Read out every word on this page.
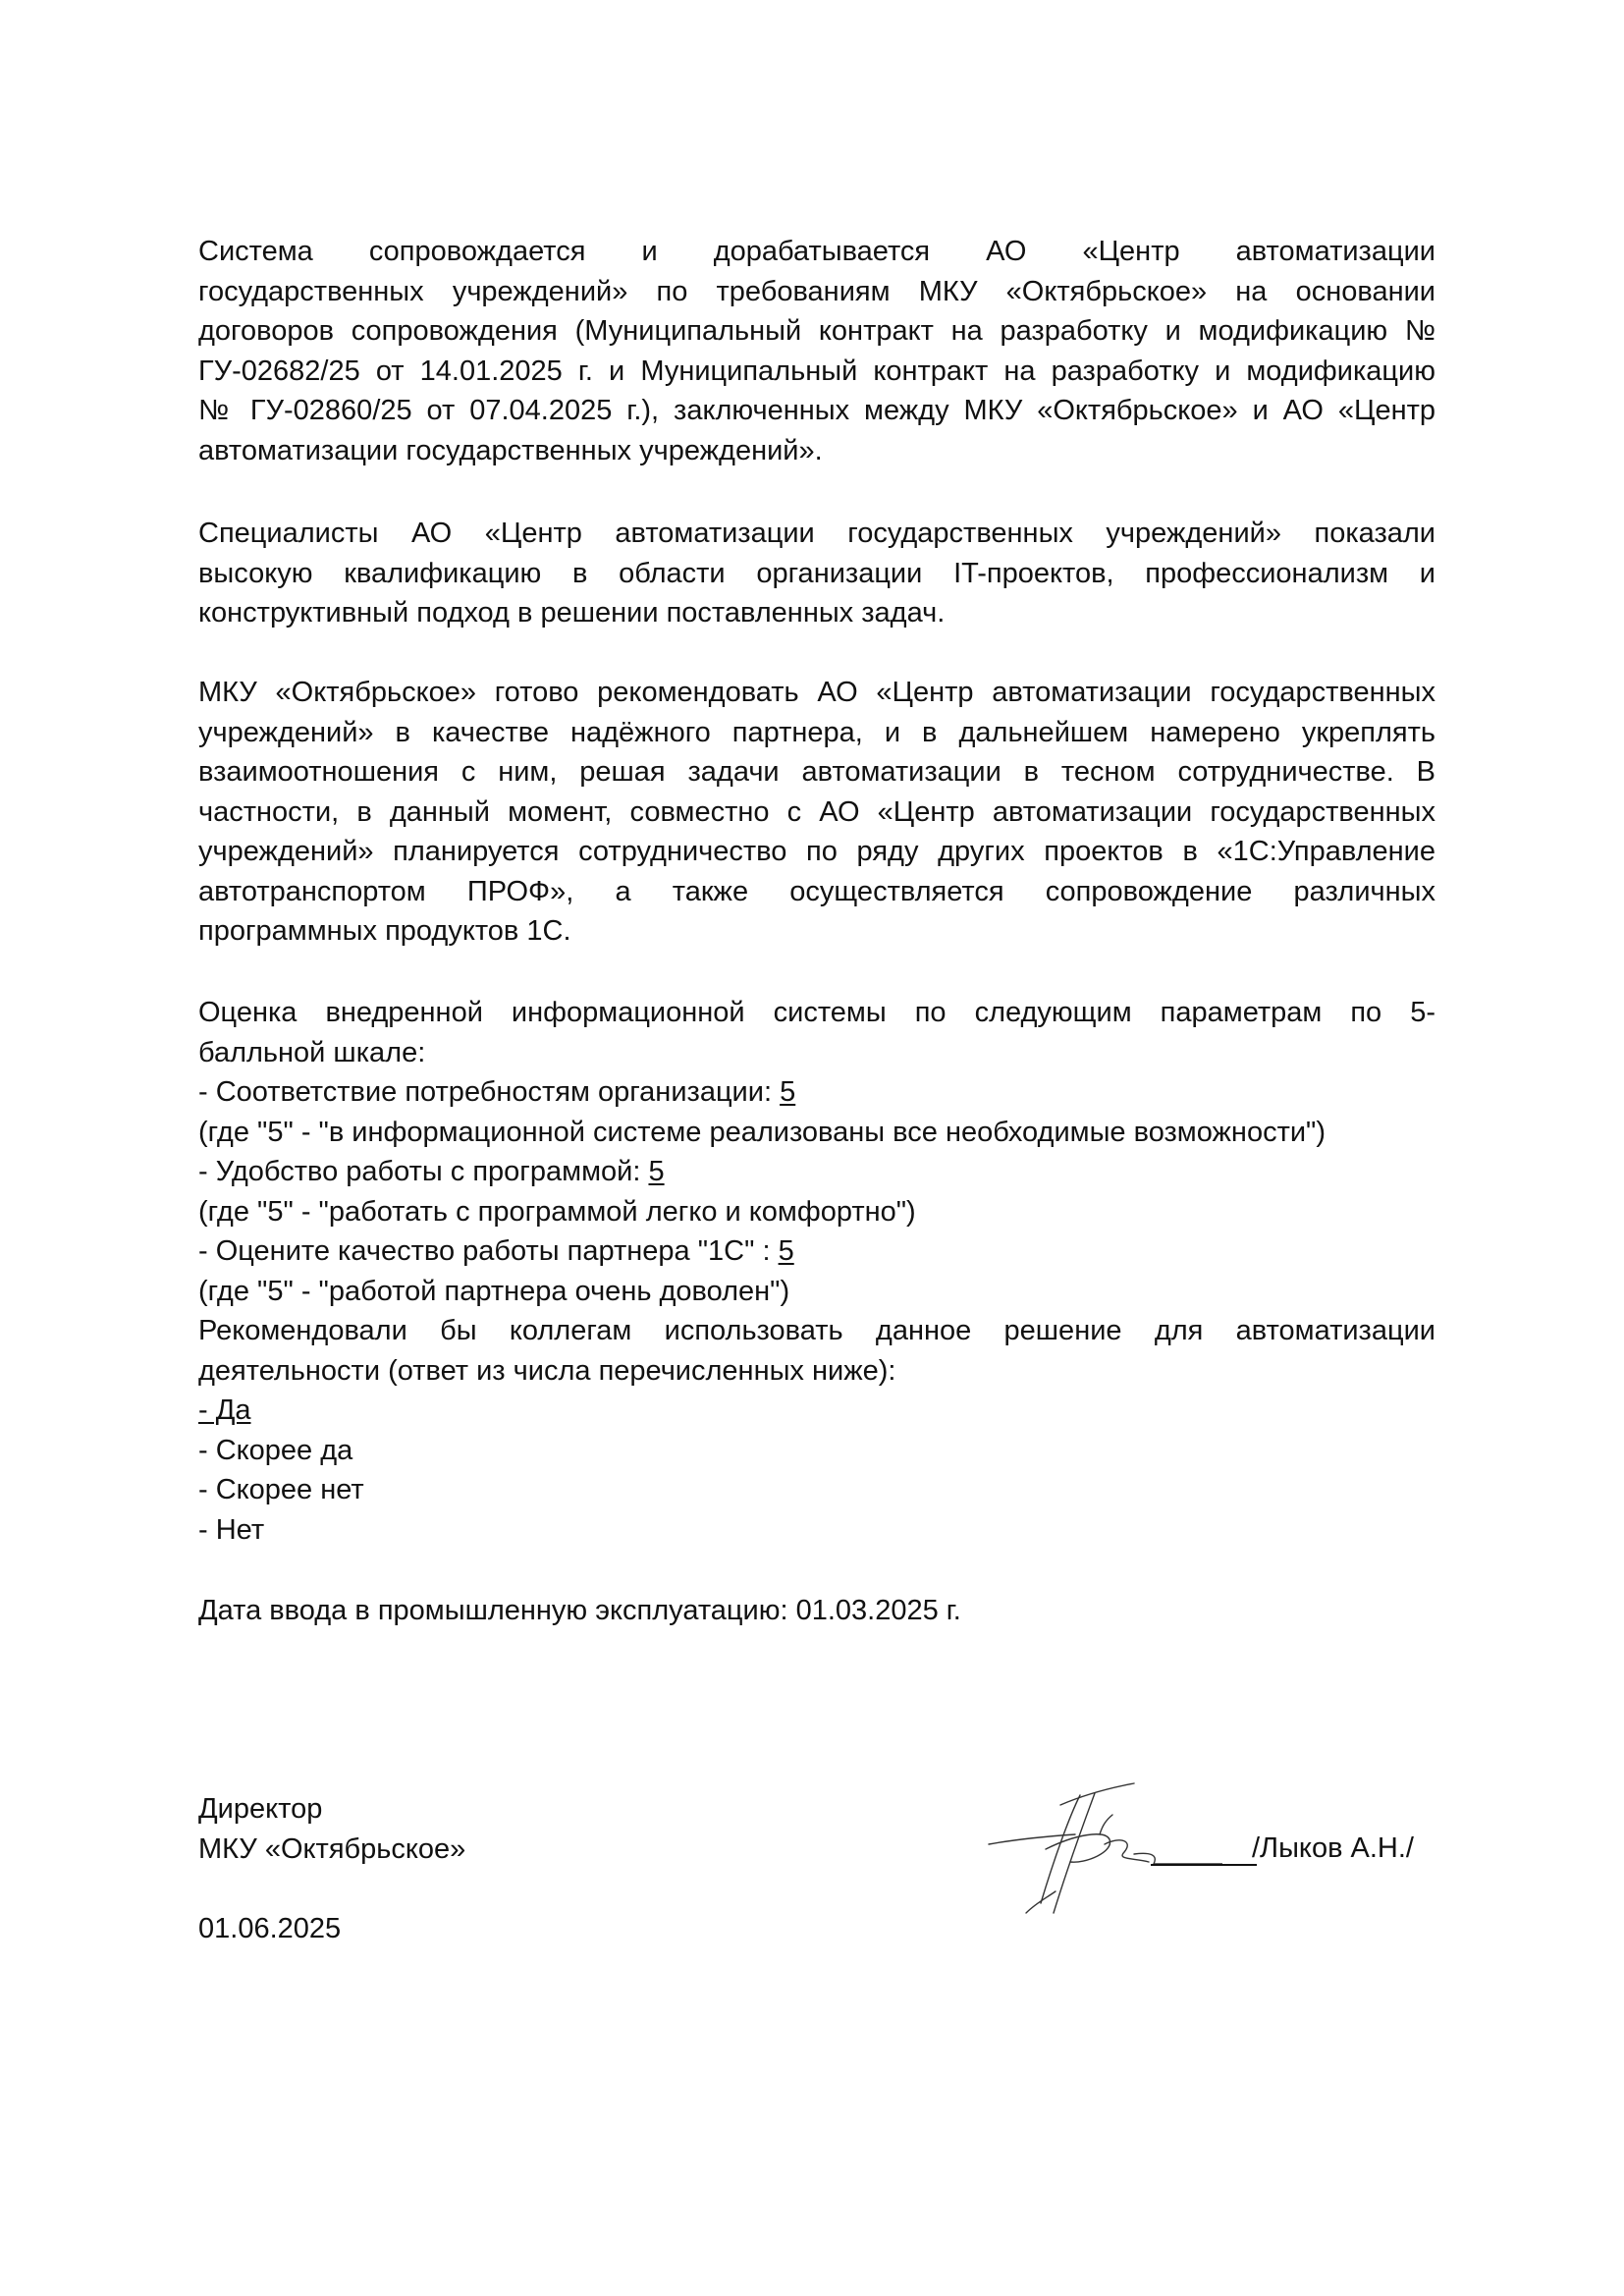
Система сопровождается и дорабатывается АО «Центр автоматизации
государственных учреждений» по требованиям МКУ «Октябрьское» на основании
договоров сопровождения (Муниципальный контракт на разработку и модификацию №
ГУ-02682/25 от 14.01.2025 г. и Муниципальный контракт на разработку и модификацию
№ ГУ-02860/25 от 07.04.2025 г.), заключенных между МКУ «Октябрьское» и АО «Центр
автоматизации государственных учреждений».
Специалисты АО «Центр автоматизации государственных учреждений» показали
высокую квалификацию в области организации IT-проектов, профессионализм и
конструктивный подход в решении поставленных задач.
МКУ «Октябрьское» готово рекомендовать АО «Центр автоматизации государственных
учреждений» в качестве надёжного партнера, и в дальнейшем намерено укреплять
взаимоотношения с ним, решая задачи автоматизации в тесном сотрудничестве. В
частности, в данный момент, совместно с АО «Центр автоматизации государственных
учреждений» планируется сотрудничество по ряду других проектов в «1С:Управление
автотранспортом ПРОФ», а также осуществляется сопровождение различных
программных продуктов 1С.
Оценка внедренной информационной системы по следующим параметрам по 5-
балльной шкале:
- Соответствие потребностям организации: 5
(где "5" - "в информационной системе реализованы все необходимые возможности")
- Удобство работы с программой: 5
(где "5" - "работать с программой легко и комфортно")
- Оцените качество работы партнера "1С" : 5
(где "5" - "работой партнера очень доволен")
Рекомендовали бы коллегам использовать данное решение для автоматизации
деятельности (ответ из числа перечисленных ниже):
- Да
- Скорее да
- Скорее нет
- Нет
Дата ввода в промышленную эксплуатацию: 01.03.2025 г.
Директор
МКУ «Октябрьское»	/Лыков А.Н./
01.06.2025
